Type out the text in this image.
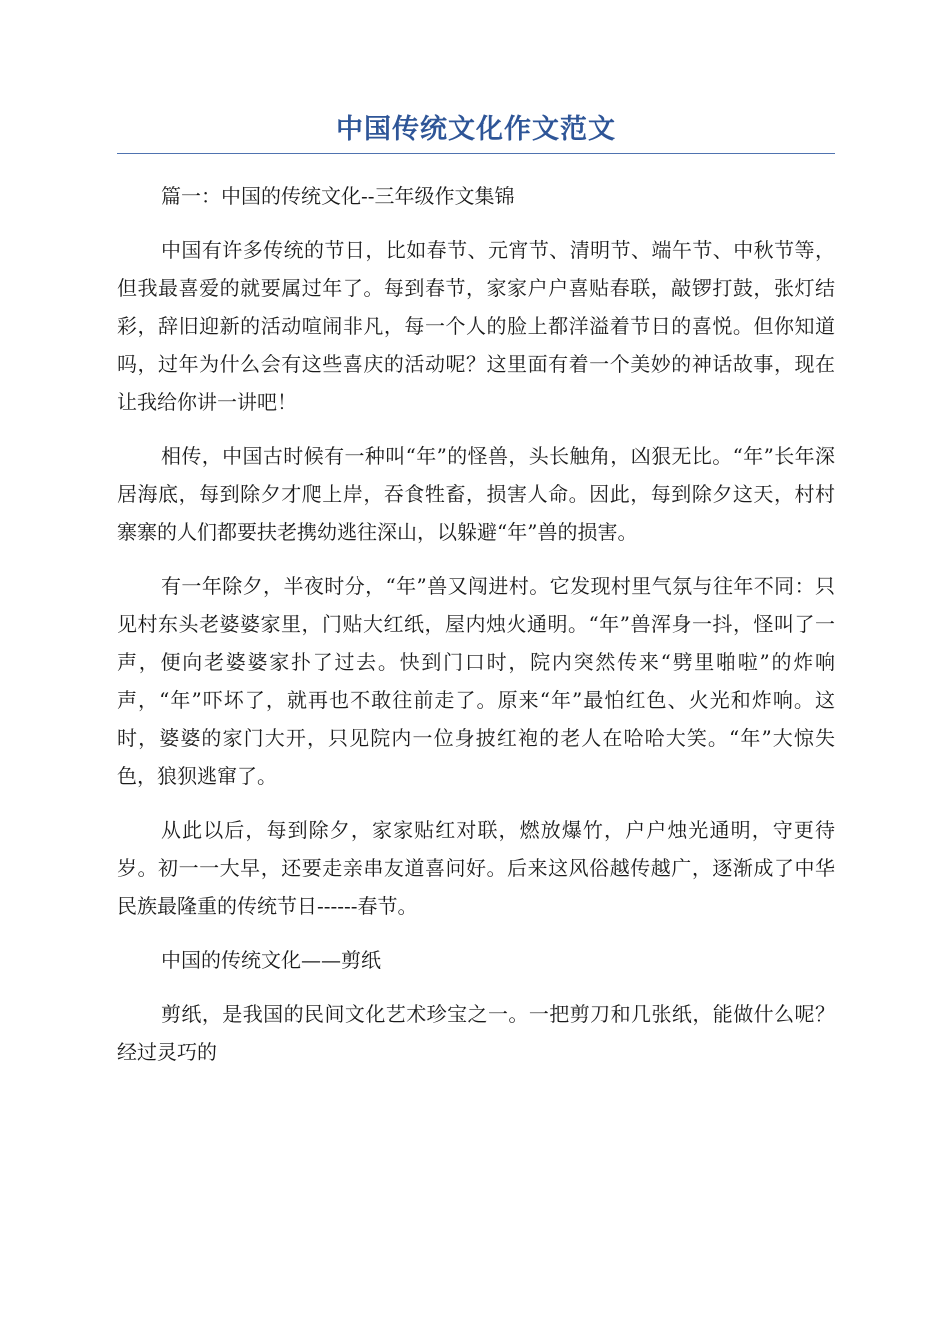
中国传统文化作文范文

篇一：中国的传统文化--三年级作文集锦

中国有许多传统的节日，比如春节、元宵节、清明节、端午节、中秋节等，但我最喜爱的就要属过年了。每到春节，家家户户喜贴春联，敲锣打鼓，张灯结彩，辞旧迎新的活动喧闹非凡，每一个人的脸上都洋溢着节日的喜悦。但你知道吗，过年为什么会有这些喜庆的活动呢？这里面有着一个美妙的神话故事，现在让我给你讲一讲吧！

相传，中国古时候有一种叫“年”的怪兽，头长触角，凶狠无比。“年”长年深居海底，每到除夕才爬上岸，吞食牲畜，损害人命。因此，每到除夕这天，村村寨寨的人们都要扶老携幼逃往深山，以躲避“年”兽的损害。

有一年除夕，半夜时分，“年”兽又闯进村。它发现村里气氛与往年不同：只见村东头老婆婆家里，门贴大红纸，屋内烛火通明。“年”兽浑身一抖，怪叫了一声，便向老婆婆家扑了过去。快到门口时，院内突然传来“劈里啪啦”的炸响声，“年”吓坏了，就再也不敢往前走了。原来“年”最怕红色、火光和炸响。这时，婆婆的家门大开，只见院内一位身披红袍的老人在哈哈大笑。“年”大惊失色，狼狈逃窜了。

从此以后，每到除夕，家家贴红对联，燃放爆竹，户户烛光通明，守更待岁。初一一大早，还要走亲串友道喜问好。后来这风俗越传越广，逐渐成了中华民族最隆重的传统节日------春节。

中国的传统文化——剪纸

剪纸，是我国的民间文化艺术珍宝之一。一把剪刀和几张纸，能做什么呢？经过灵巧的
